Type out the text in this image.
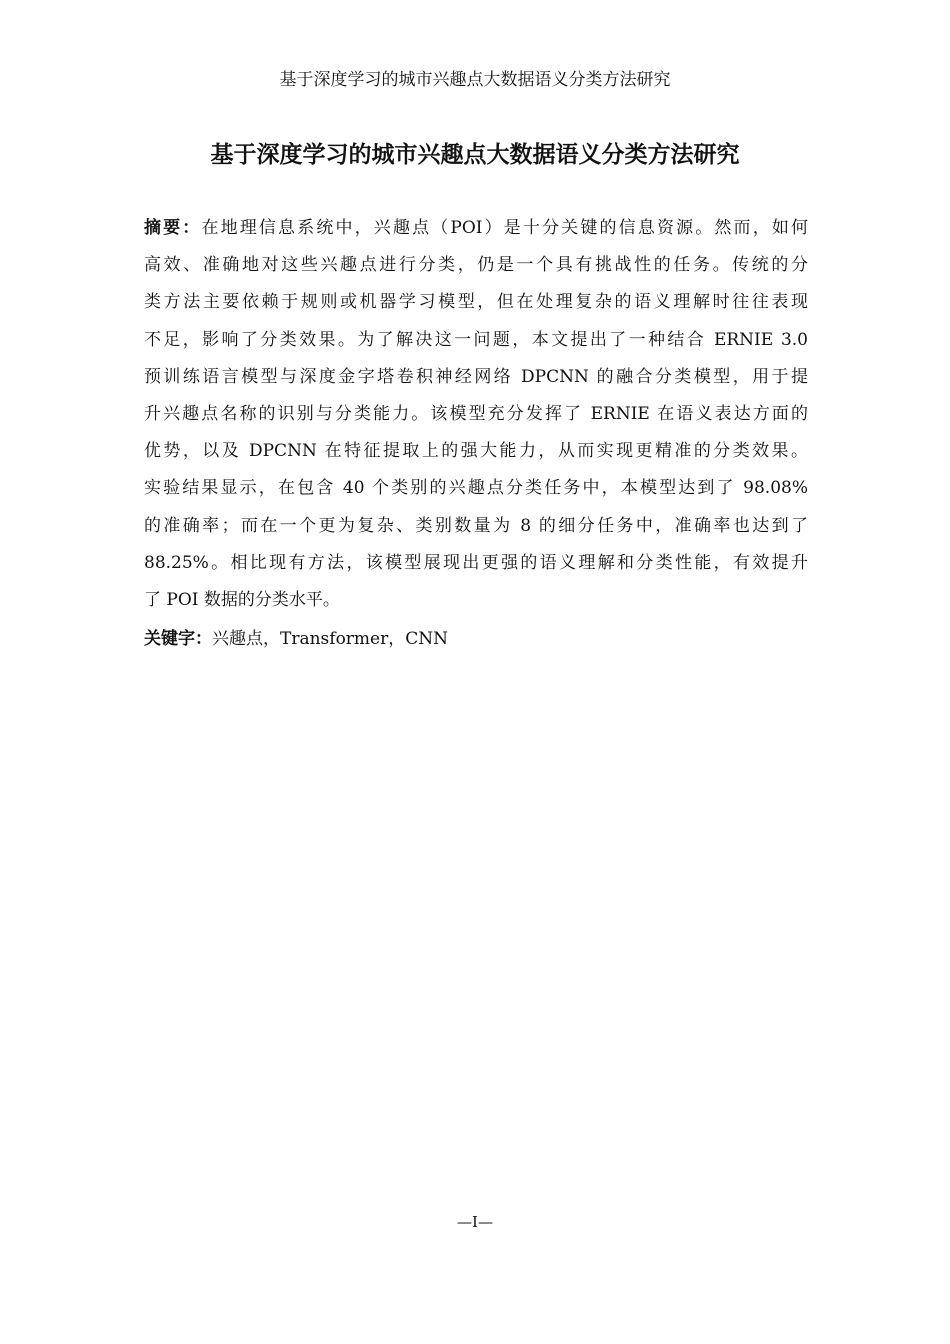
基于深度学习的城市兴趣点大数据语义分类方法研究
基于深度学习的城市兴趣点大数据语义分类方法研究

摘要：在地理信息系统中，兴趣点（POI）是十分关键的信息资源。然而，如何
高效、准确地对这些兴趣点进行分类，仍是一个具有挑战性的任务。传统的分
类方法主要依赖于规则或机器学习模型，但在处理复杂的语义理解时往往表现
不足，影响了分类效果。为了解决这一问题，本文提出了一种结合 ERNIE 3.0
预训练语言模型与深度金字塔卷积神经网络 DPCNN 的融合分类模型，用于提
升兴趣点名称的识别与分类能力。该模型充分发挥了 ERNIE 在语义表达方面的
优势，以及 DPCNN 在特征提取上的强大能力，从而实现更精准的分类效果。
实验结果显示，在包含 40 个类别的兴趣点分类任务中，本模型达到了 98.08%
的准确率；而在一个更为复杂、类别数量为 8 的细分任务中，准确率也达到了
88.25%。相比现有方法，该模型展现出更强的语义理解和分类性能，有效提升
了 POI 数据的分类水平。

关键字：兴趣点，Transformer，CNN

—I—
